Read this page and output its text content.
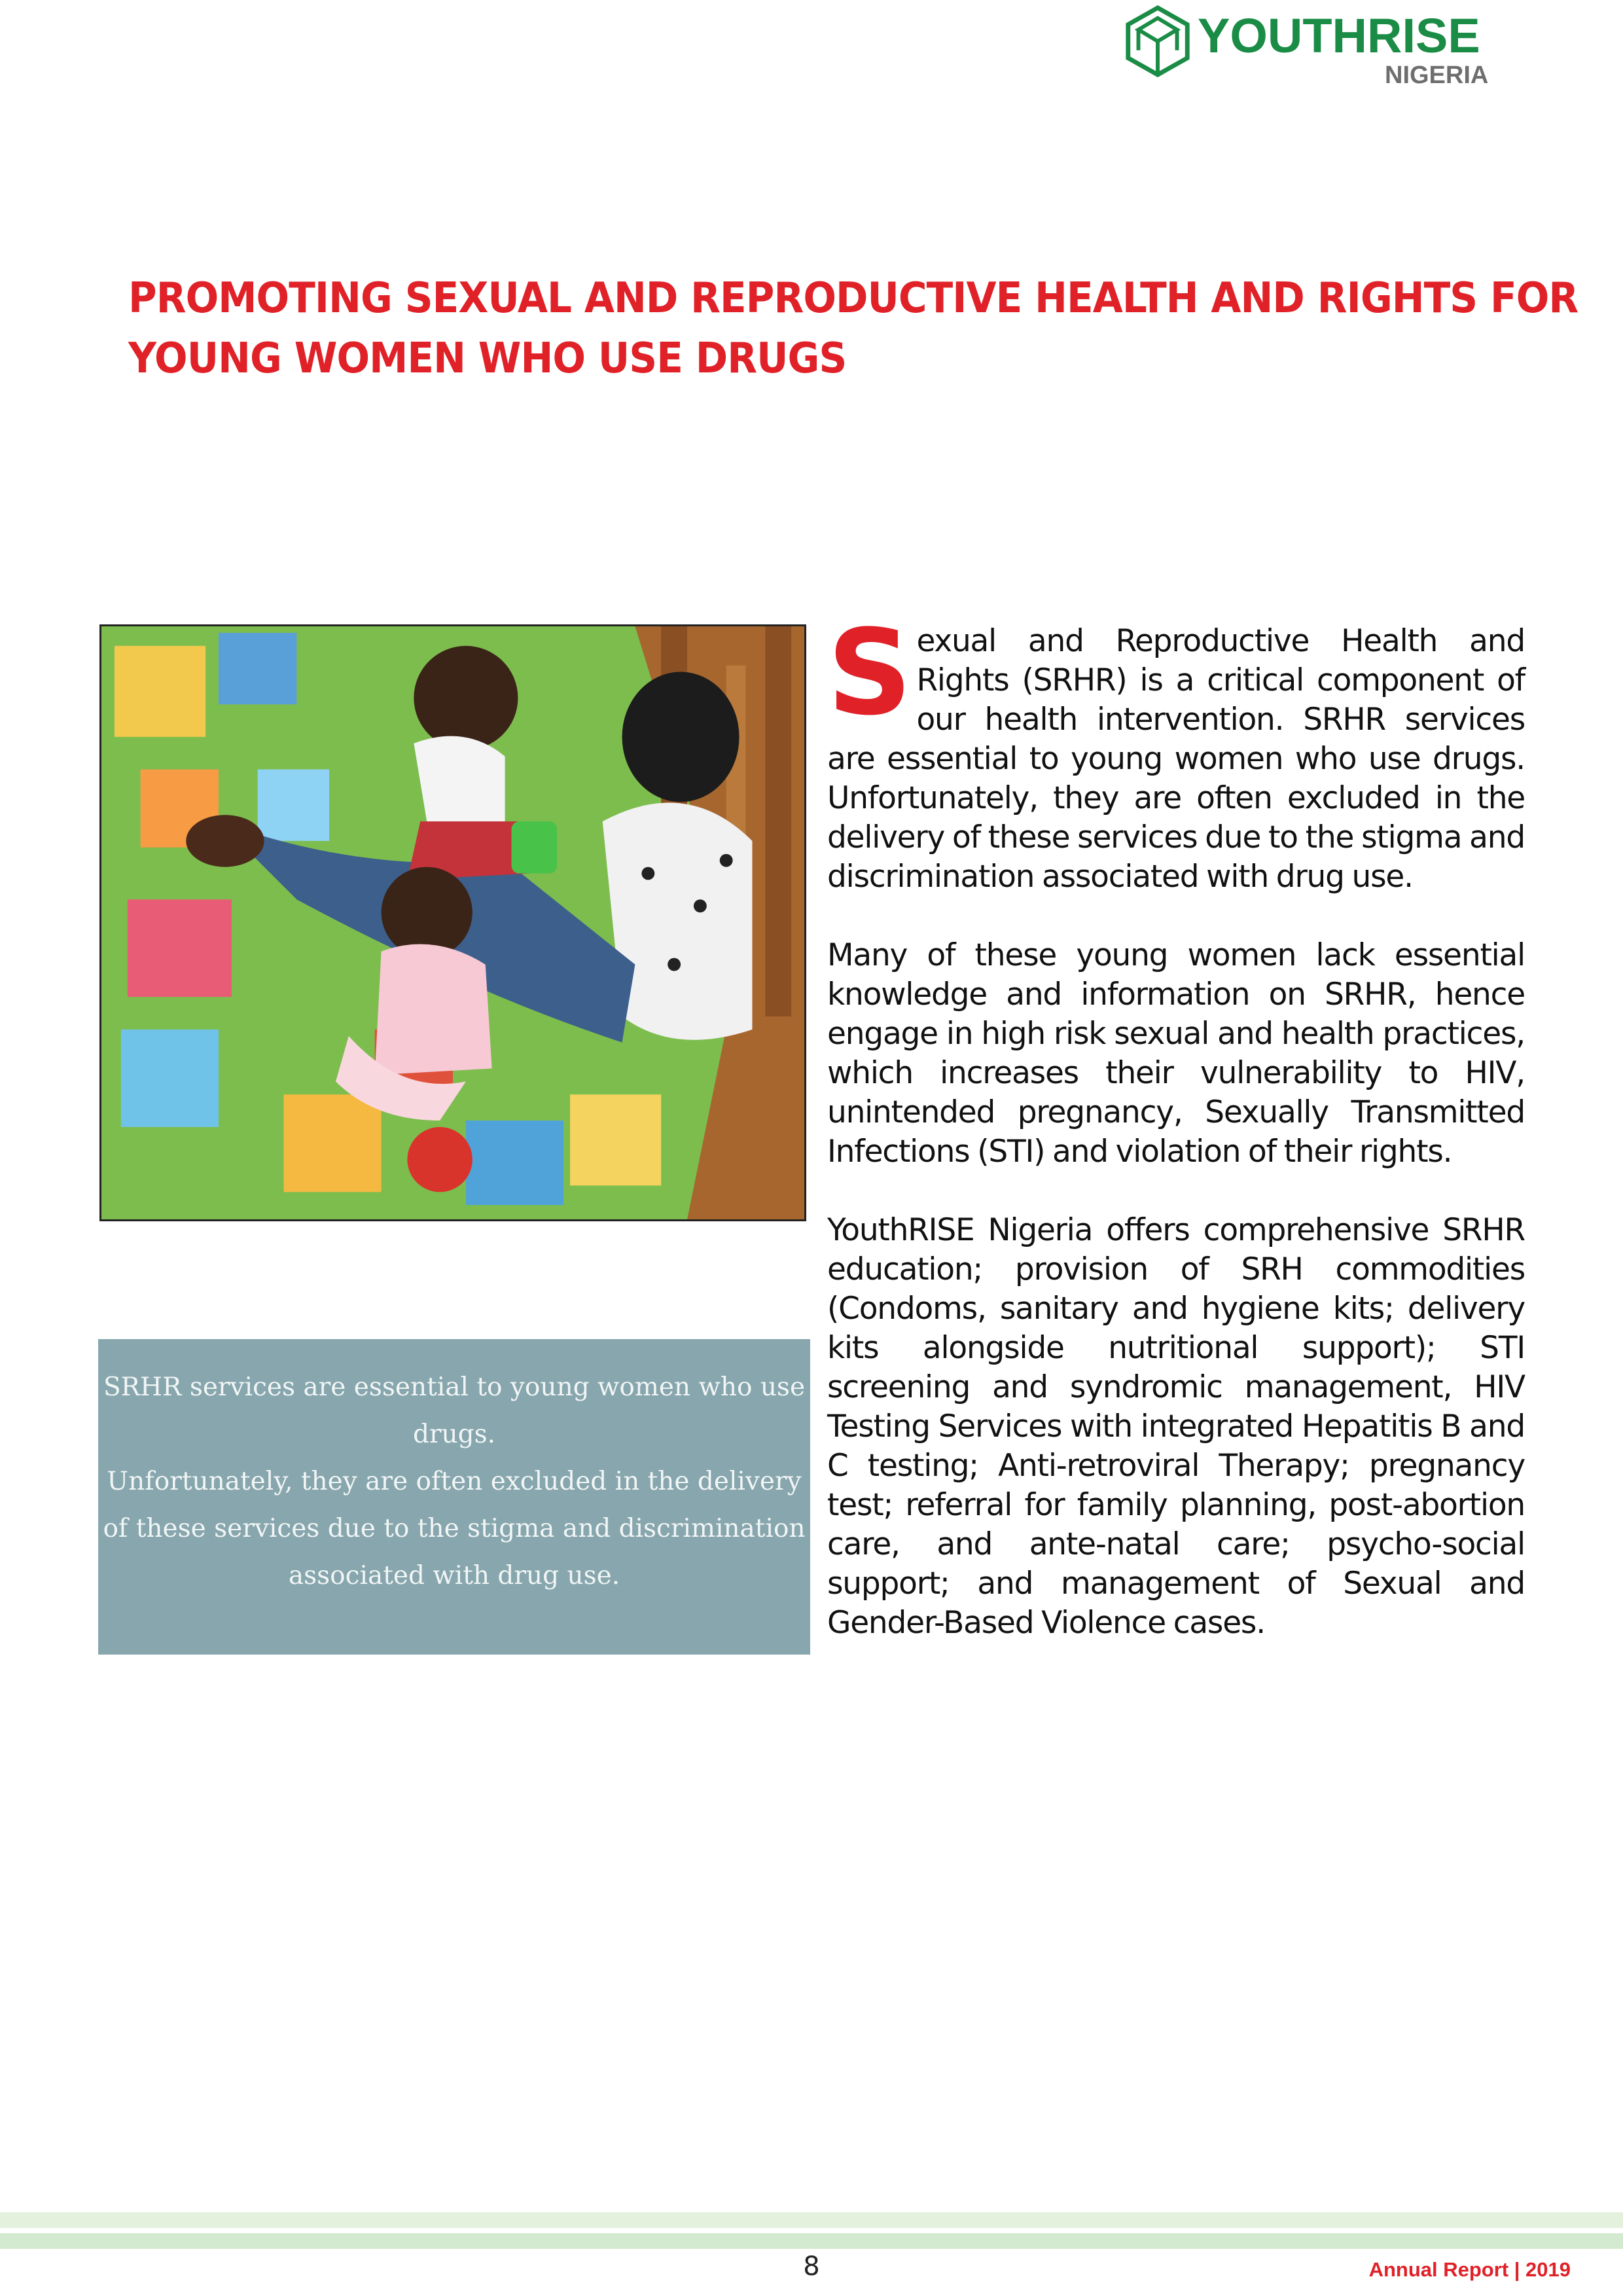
YOUTHRISE
NIGERIA
PROMOTING SEXUAL AND REPRODUCTIVE HEALTH AND RIGHTS FOR
YOUNG WOMEN WHO USE DRUGS
SRHR services are essential to young women who use drugs.
Unfortunately, they are often excluded in the delivery
of these services due to the stigma and discrimination
associated with drug use.

Sexual and Reproductive Health and Rights (SRHR) is a critical component of our health intervention. SRHR services are essential to young women who use drugs. Unfortunately, they are often excluded in the delivery of these services due to the stigma and discrimination associated with drug use.

Many of these young women lack essential knowledge and information on SRHR, hence engage in high risk sexual and health practices, which increases their vulnerability to HIV, unintended pregnancy, Sexually Transmitted Infections (STI) and violation of their rights.

YouthRISE Nigeria offers comprehensive SRHR education; provision of SRH commodities (Condoms, sanitary and hygiene kits; delivery kits alongside nutritional support); STI screening and syndromic management, HIV Testing Services with integrated Hepatitis B and C testing; Anti-retroviral Therapy; pregnancy test; referral for family planning, post-abortion care, and ante-natal care; psycho-social support; and management of Sexual and Gender-Based Violence cases.

8	Annual Report | 2019
